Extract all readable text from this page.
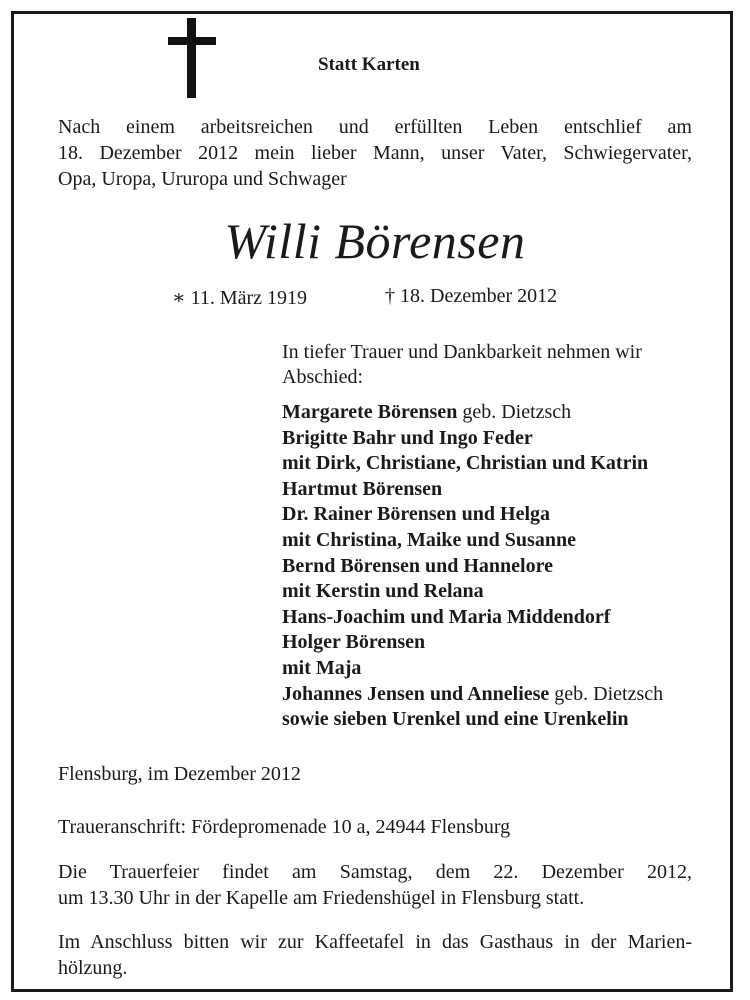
Statt Karten
Nach einem arbeitsreichen und erfüllten Leben entschlief am
18. Dezember 2012 mein lieber Mann, unser Vater, Schwiegervater,
Opa, Uropa, Ururopa und Schwager
Willi Börensen
∗ 11. März 1919	† 18. Dezember 2012
In tiefer Trauer und Dankbarkeit nehmen wir
Abschied:
Margarete Börensen geb. Dietzsch
Brigitte Bahr und Ingo Feder
mit Dirk, Christiane, Christian und Katrin
Hartmut Börensen
Dr. Rainer Börensen und Helga
mit Christina, Maike und Susanne
Bernd Börensen und Hannelore
mit Kerstin und Relana
Hans-Joachim und Maria Middendorf
Holger Börensen
mit Maja
Johannes Jensen und Anneliese geb. Dietzsch
sowie sieben Urenkel und eine Urenkelin
Flensburg, im Dezember 2012
Traueranschrift: Fördepromenade 10 a, 24944 Flensburg
Die Trauerfeier findet am Samstag, dem 22. Dezember 2012,
um 13.30 Uhr in der Kapelle am Friedenshügel in Flensburg statt.
Im Anschluss bitten wir zur Kaffeetafel in das Gasthaus in der Marien-
hölzung.
